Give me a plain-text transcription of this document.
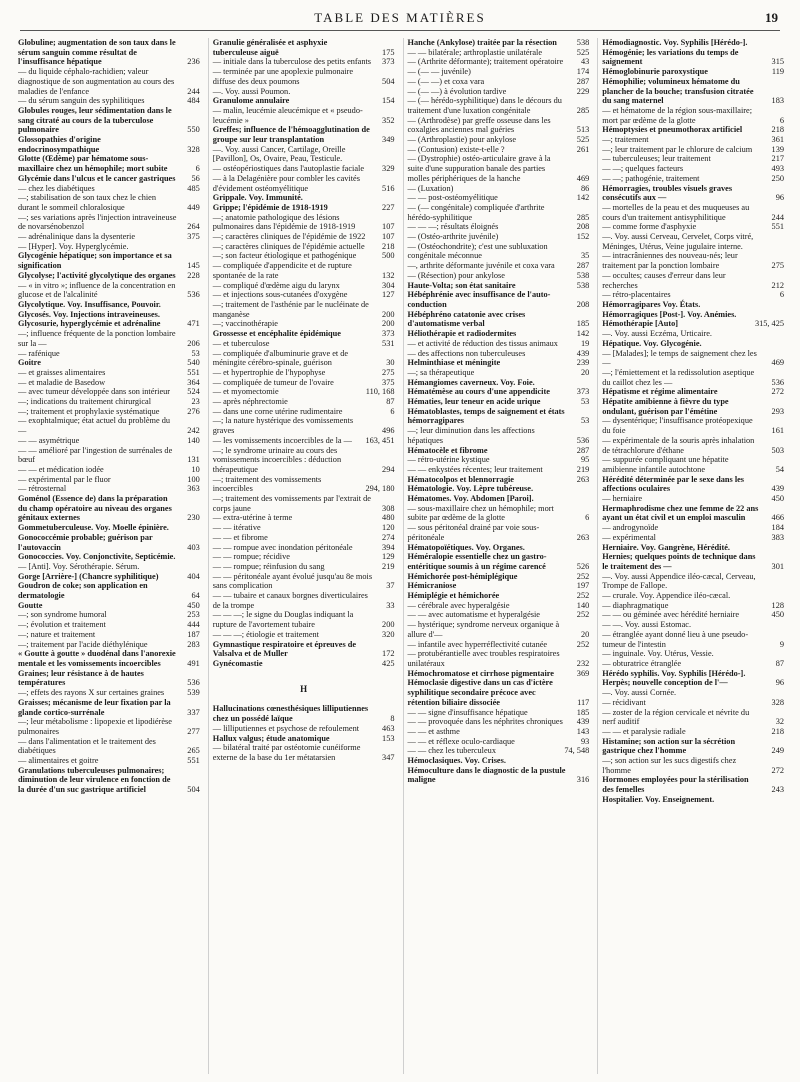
TABLE DES MATIÈRES	19
Globuline; augmentation de son taux dans le sérum sanguin comme résultat de l'insuffisance hépatique	236
— du liquide céphalo-rachidien; valeur diagnostique de son augmentation au cours des maladies de l'enfance	244
— du sérum sanguin des syphilitiques	484
Globules rouges, leur sédimentation dans le sang citraté au cours de la tuberculose pulmonaire	550
Glossopathies d'origine endocrinosympathique	328
Glotte (Œdème) par hématome sous-maxillaire chez un hémophile; mort subite	6
Glycémie dans l'ulcus et le cancer gastriques	56
— chez les diabétiques	485
—; stabilisation de son taux chez le chien durant le sommeil chloralosique	449
—; ses variations après l'injection intraveineuse de novarsénobenzol	264
— adrénalinique dans la dysenterie	375
— [Hyper]. Voy. Hyperglycémie.
Glycogénie hépatique; son importance et sa signification	145
Glycolyse; l'activité glycolytique des organes	228
— « in vitro »; influence de la concentration en glucose et de l'alcalinité	536
Glycolytique. Voy. Insuffisance, Pouvoir.
Glycosés. Voy. Injections intraveineuses.
Glycosurie, hyperglycémie et adrénaline	471
—; influence fréquente de la ponction lombaire sur la —	206
— rafénique	53
Goitre	540
— et graisses alimentaires	551
— et maladie de Basedow	364
— avec tumeur développée dans son intérieur	524
—; indications du traitement chirurgical	23
—; traitement et prophylaxie systématique	276
— exophtalmique; état actuel du problème du —	242
— — asymétrique	140
— — amélioré par l'ingestion de surrénales de bœuf	131
— — et médication iodée	10
— expérimental par le fluor	100
— rétrosternal	363
Goménol (Essence de) dans la préparation du champ opératoire au niveau des organes génitaux externes	230
Gommetuberculeuse. Voy. Moelle épinière.
Gonococcémie probable; guérison par l'autovaccin	403
Gonococcies. Voy. Conjonctivite, Septicémie.
— [Anti]. Voy. Sérothérapie. Sérum.
Gorge [Arrière-] (Chancre syphilitique)	404
Goudron de coke; son application en dermatologie	64
Goutte	450
—; son syndrome humoral	253
—; évolution et traitement	444
—; nature et traitement	187
—; traitement par l'acide diéthylénique	283
« Goutte à goutte » duodénal dans l'anorexie mentale et les vomissements incoercibles	491
Graines; leur résistance à de hautes températures	536
—; effets des rayons X sur certaines graines	539
Graisses; mécanisme de leur fixation par la glande cortico-surrénale	337
—; leur métabolisme : lipopexie et lipodiérèse pulmonaires	277
— dans l'alimentation et le traitement des diabétiques	265
— alimentaires et goitre	551
Granulations tuberculeuses pulmonaires; diminution de leur virulence en fonction de la durée d'un suc gastrique artificiel	504
Granulie généralisée et asphyxie tuberculeuse aiguë	175
— initiale dans la tuberculose des petits enfants	373
— terminée par une apoplexie pulmonaire diffuse des deux poumons	504
—. Voy. aussi Poumon.
Granulome annulaire	154
— malin, leucémie aleucémique et « pseudo-leucémie »	352
Greffes; influence de l'hémoagglutination de groupe sur leur transplantation	349
—. Voy. aussi Cancer, Cartilage, Oreille [Pavillon], Os, Ovaire, Peau, Testicule.
— ostéopériostiques dans l'autoplastie faciale	329
— à la Delagénière pour combler les cavités d'évidement ostéomyélitique	516
Grippale. Voy. Immunité.
Grippe; l'épidémie de 1918-1919	227
—; anatomie pathologique des lésions pulmonaires dans l'épidémie de 1918-1919	107
—; caractères cliniques de l'épidémie de 1922	107
—; caractères cliniques de l'épidémie actuelle	218
—; son facteur étiologique et pathogénique	500
— compliquée d'appendicite et de rupture spontanée de la rate	132
— compliqué d'œdème aigu du larynx	304
— et injections sous-cutanées d'oxygène	127
—; traitement de l'asthénie par le nucléinate de manganèse	200
—; vaccinothérapie	200
Grossesse et encéphalite épidémique	373
— et tuberculose	531
— compliquée d'albuminurie grave et de méningite cérébro-spinale, guérison	30
— et hypertrophie de l'hypophyse	275
— compliquée de tumeur de l'ovaire	375
— et myomectomie	110, 168
— après néphrectomie	87
— dans une corne utérine rudimentaire	6
—; la nature hystérique des vomissements graves	496
— les vomissements incoercibles de la —	163, 451
—; le syndrome urinaire au cours des vomissements incoercibles : déduction thérapeutique	294
—; traitement des vomissements incoercibles	294, 180
—; traitement des vomissements par l'extrait de corps jaune	308
— extra-utérine à terme	480
— — itérative	120
— — et fibrome	274
— — rompue avec inondation péritonéale	394
— — rompue; récidive	129
— — rompue; réinfusion du sang	219
— — péritonéale ayant évolué jusqu'au 8e mois sans complication	37
— — tubaire et canaux borgnes diverticulaires de la trompe	33
— — —; le signe du Douglas indiquant la rupture de l'avortement tubaire	200
— — —; étiologie et traitement	320
Gymnastique respiratoire et épreuves de Valsalva et de Muller	172
Gynécomastie	425
H
Hallucinations cœnesthésiques lilliputiennes chez un possédé laïque	8
— lilliputiennes et psychose de refoulement	463
Hallux valgus; étude anatomique	153
— bilatéral traité par ostéotomie cunéiforme externe de la base du 1er métatarsien	347
Hanche (Ankylose) traitée par la résection	538
— — bilatérale; arthroplastie unilatérale	525
— (Arthrite déformante); traitement opératoire	43
— (— — juvénile)	174
— (— —) et coxa vara	287
— (— —) à évolution tardive	229
— (— hérédo-syphilitique) dans le décours du traitement d'une luxation congénitale	285
— (Arthrodèse) par greffe osseuse dans les coxalgies anciennes mal guéries	513
— (Arthroplastie) pour ankylose	525
— (Contusion) existe-t-elle ?	261
— (Dystrophie) ostéo-articulaire grave à la suite d'une suppuration banale des parties molles périphériques de la hanche	469
— (Luxation)	86
— — post-ostéomyélitique	142
— (— congénitale) compliquée d'arthrite hérédo-syphilitique	285
— — —; résultats éloignés	208
— (Ostéo-arthrite juvénile)	152
— (Ostéochondrite); c'est une subluxation congénitale méconnue	35
—, arthrite déformante juvénile et coxa vara	287
— (Résection) pour ankylose	538
Haute-Volta; son état sanitaire	538
Hébéphrénie avec insuffisance de l'auto-conduction	208
Hébéphréno catatonie avec crises d'automatisme verbal	185
Héliothérapie et radiodermites	142
— et activité de réduction des tissus animaux	19
— des affections non tuberculeuses	439
Helminthiase et méningite	239
—; sa thérapeutique	20
Hémangiomes caverneux. Voy. Foie.
Hématémèse au cours d'une appendicite	373
Hématies, leur teneur en acide urique	53
Hématoblastes, temps de saignement et états hémorragipares	53
—; leur diminution dans les affections hépatiques	536
Hématocèle et fibrome	287
— rétro-utérine kystique	95
— — enkystées récentes; leur traitement	219
Hématocolpos et blennorragie	263
Hématologie. Voy. Lèpre tubéreuse.
Hématomes. Voy. Abdomen [Paroi].
— sous-maxillaire chez un hémophile; mort subite par œdème de la glotte	6
— sous péritonéal drainé par voie sous-péritonéale	263
Hématopoïétiques. Voy. Organes.
Héméralopie essentielle chez un gastro-entéritique soumis à un régime carencé	526
Hémichorée post-hémiplégique	252
Hémicraniose	197
Hémiplégie et hémichorée	252
— cérébrale avec hyperalgésie	140
— — avec automatisme et hyperalgésie	252
— hystérique; syndrome nerveux organique à allure d'—	20
— infantile avec hyperréflectivité cutanée	252
— protubérantielle avec troubles respiratoires unilatéraux	232
Hémochromatose et cirrhose pigmentaire	369
Hémoclasie digestive dans un cas d'ictère syphilitique secondaire précoce avec rétention biliaire dissociée	117
— — signe d'insuffisance hépatique	185
— — provoquée dans les néphrites chroniques	439
— — et asthme	143
— — et réflexe oculo-cardiaque	93
— — chez les tuberculeux	74, 548
Hémoclasiques. Voy. Crises.
Hémoculture dans le diagnostic de la pustule maligne	316
Hémodiagnostic. Voy. Syphilis [Hérédo-].
Hémogénie; les variations du temps de saignement	315
Hémoglobinurie paroxystique	119
Hémophilie; volumineux hématome du plancher de la bouche; transfusion citratée du sang maternel	183
— et hématome de la région sous-maxillaire; mort par œdème de la glotte	6
Hémoptysies et pneumothorax artificiel	218
—; traitement	361
—; leur traitement par le chlorure de calcium	139
— tuberculeuses; leur traitement	217
— —; quelques facteurs	493
— —; pathogénie, traitement	250
Hémorragies, troubles visuels graves consécutifs aux —	96
— mortelles de la peau et des muqueuses au cours d'un traitement antisyphilitique	244
— comme forme d'asphyxie	551
—. Voy. aussi Cerveau, Cervelet, Corps vitré, Méninges, Utérus, Veine jugulaire interne.
— intracrâniennes des nouveau-nés; leur traitement par la ponction lombaire	275
— occultes; causes d'erreur dans leur recherches	212
— rétro-placentaires	6
Hémorragipares Voy. États.
Hémorragiques [Post-]. Voy. Anémies.
Hémothérapie [Auto]	315, 425
—. Voy. aussi Eczéma, Urticaire.
Hépatique. Voy. Glycogénie.
— [Malades]; le temps de saignement chez les —	469
—; l'émiettement et la redissolution aseptique du caillot chez les —	536
Hépatisme et régime alimentaire	272
Hépatite amibienne à fièvre du type ondulant, guérison par l'émétine	293
— dysentérique; l'insuffisance protéopexique du foie	161
— expérimentale de la souris après inhalation de tétrachlorure d'éthane	503
— suppurée compliquant une hépatite amibienne infantile autochtone	54
Hérédité déterminée par le sexe dans les affections oculaires	439
— herniaire	450
Hermaphrodisme chez une femme de 22 ans ayant un état civil et un emploi masculin	466
— androgynoïde	184
— expérimental	383
Herniaire. Voy. Gangrène, Hérédité.
Hernies; quelques points de technique dans le traitement des —	301
—. Voy. aussi Appendice iléo-cæcal, Cerveau, Trompe de Fallope.
— crurale. Voy. Appendice iléo-cæcal.
— diaphragmatique	128
— — ou géminée avec hérédité herniaire	450
— —. Voy. aussi Estomac.
— étranglée ayant donné lieu à une pseudo-tumeur de l'intestin	9
— inguinale. Voy. Utérus, Vessie.
— obturatrice étranglée	87
Hérédo syphilis. Voy. Syphilis [Hérédo-].
Herpès; nouvelle conception de l'—	96
—. Voy. aussi Cornée.
— récidivant	328
— zoster de la région cervicale et névrite du nerf auditif	32
— — et paralysie radiale	218
Histamine; son action sur la sécrétion gastrique chez l'homme	249
—; son action sur les sucs digestifs chez l'homme	272
Hormones employées pour la stérilisation des femelles	243
Hospitalier. Voy. Enseignement.
